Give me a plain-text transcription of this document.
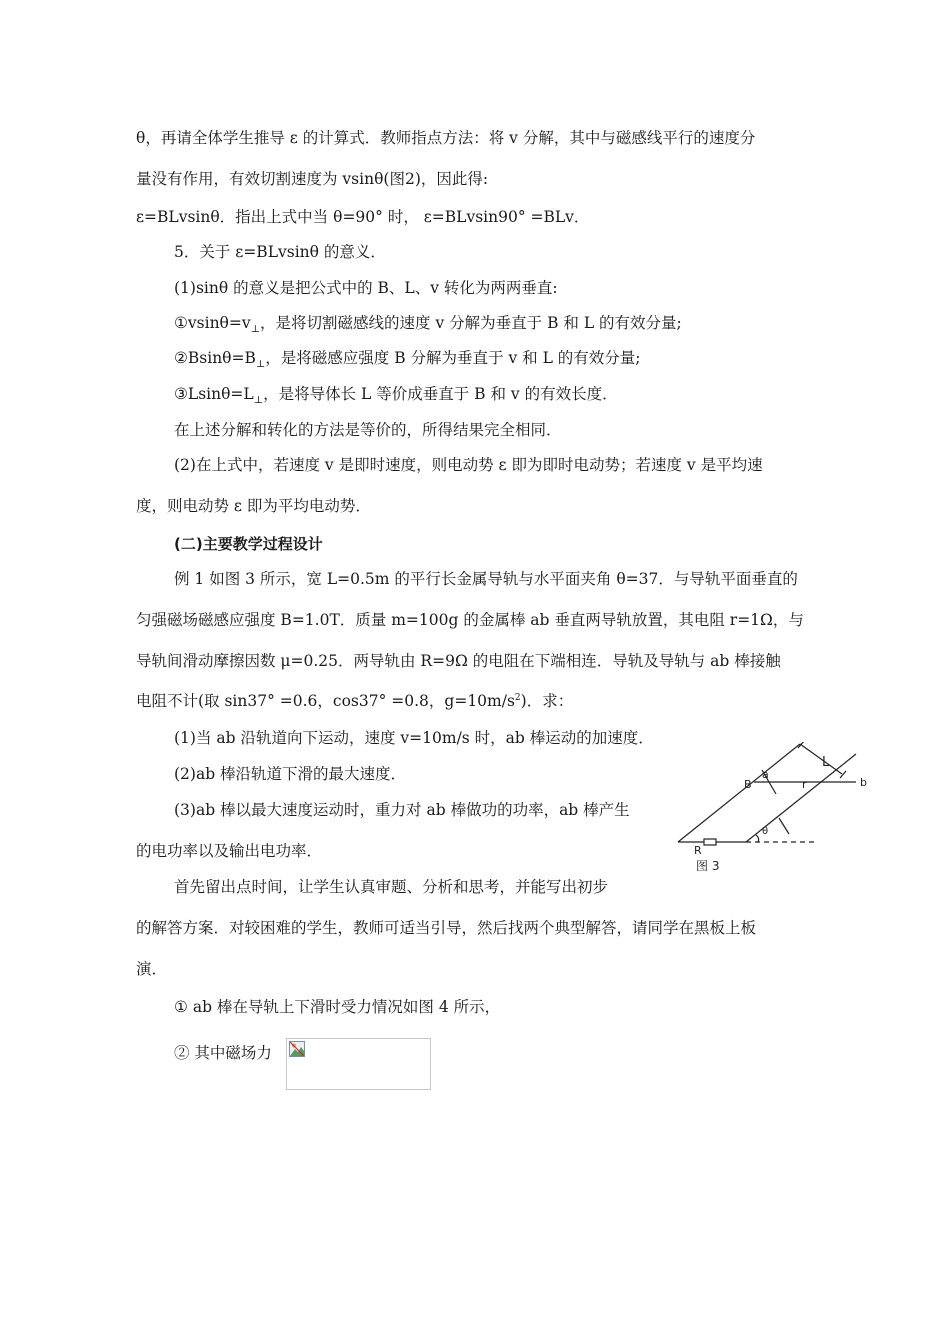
θ，再请全体学生推导 ε 的计算式．教师指点方法：将 v 分解，其中与磁感线平行的速度分
量没有作用，有效切割速度为 vsinθ(图2)，因此得:
ε=BLvsinθ．指出上式中当 θ=90° 时， ε=BLvsin90° =BLv．
5．关于 ε=BLvsinθ 的意义．
(1)sinθ 的意义是把公式中的 B、L、v 转化为两两垂直:
$①vsin\theta=v_\perp$，是将切割磁感线的速度 v 分解为垂直于 B 和 L 的有效分量;
$②Bsin\theta=B_\perp$，是将磁感应强度 B 分解为垂直于 v 和 L 的有效分量;
$③Lsin\theta=L_\perp$，是将导体长 L 等价成垂直于 B 和 v 的有效长度．
在上述分解和转化的方法是等价的，所得结果完全相同．
(2)在上式中，若速度 v 是即时速度，则电动势 ε 即为即时电动势；若速度 v 是平均速
度，则电动势 ε 即为平均电动势．
(二)主要教学过程设计
例 1 如图 3 所示，宽 L=0.5m 的平行长金属导轨与水平面夹角 θ=37．与导轨平面垂直的
匀强磁场磁感应强度 B=1.0T．质量 m=100g 的金属棒 ab 垂直两导轨放置，其电阻 r=1Ω，与
导轨间滑动摩擦因数 μ=0.25．两导轨由 R=9Ω 的电阻在下端相连．导轨及导轨与 ab 棒接触
电阻不计(取 sin37° =0.6，cos37° =0.8，$g=10m/s^2$)．求：
(1)当 ab 沿轨道向下运动，速度 v=10m/s 时，ab 棒运动的加速度．
(2)ab 棒沿轨道下滑的最大速度．
(3)ab 棒以最大速度运动时，重力对 ab 棒做功的功率，ab 棒产生
的电功率以及输出电功率．
首先留出点时间，让学生认真审题、分析和思考，并能写出初步
的解答方案．对较困难的学生，教师可适当引导，然后找两个典型解答，请同学在黑板上板
演．
① ab 棒在导轨上下滑时受力情况如图 4 所示，
② 其中磁场力
a
B	r	b
L
θ
R
图 3
